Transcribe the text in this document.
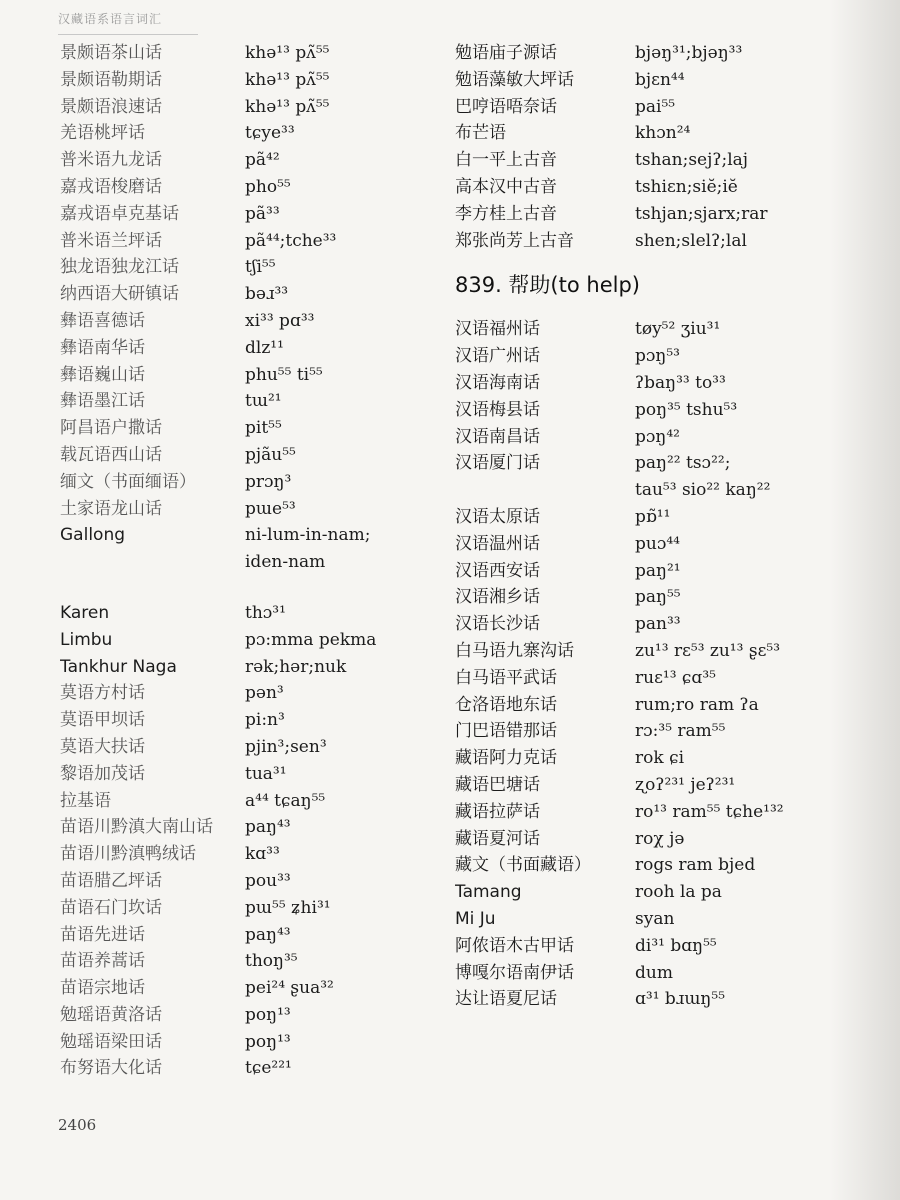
汉藏语系语言词汇
景颇语茶山话	khə¹³ pʌ̃⁵⁵
景颇语勒期话	khə¹³ pʌ̃⁵⁵
景颇语浪速话	khə¹³ pʌ̃⁵⁵
羌语桃坪话	tɕye³³
普米语九龙话	pã⁴²
嘉戎语梭磨话	pho⁵⁵
嘉戎语卓克基话	pã³³
普米语兰坪话	pã⁴⁴;tche³³
独龙语独龙江话	tʃi⁵⁵
纳西语大研镇话	bəɹ³³
彝语喜德话	xi³³ pɑ³³
彝语南华话	dlz¹¹
彝语巍山话	phu⁵⁵ ti⁵⁵
彝语墨江话	tɯ²¹
阿昌语户撒话	pit⁵⁵
载瓦语西山话	pjãu⁵⁵
缅文（书面缅语）	prɔŋ³
土家语龙山话	pɯe⁵³
Gallong	ni-lum-in-nam;
iden-nam
Karen	thɔ³¹
Limbu	pɔ:mma pekma
Tankhur Naga	rək;hər;nuk
莫语方村话	pən³
莫语甲坝话	pi:n³
莫语大扶话	pjin³;sen³
黎语加茂话	tua³¹
拉基语	a⁴⁴ tɕaŋ⁵⁵
苗语川黔滇大南山话	paŋ⁴³
苗语川黔滇鸭绒话	kɑ³³
苗语腊乙坪话	pou³³
苗语石门坎话	pɯ⁵⁵ ʑhi³¹
苗语先进话	paŋ⁴³
苗语养蒿话	thoŋ³⁵
苗语宗地话	pei²⁴ ʂua³²
勉瑶语黄洛话	poŋ¹³
勉瑶语梁田话	poŋ¹³
布努语大化话	tɕe²²¹
勉语庙子源话	bjəŋ³¹;bjəŋ³³
勉语藻敏大坪话	bjɛn⁴⁴
巴哼语唔奈话	pai⁵⁵
布芒语	khɔn²⁴
白一平上古音	tshan;sejʔ;laj
高本汉中古音	tshiɛn;siĕ;iĕ
李方桂上古音	tshjan;sjarx;rar
郑张尚芳上古音	shen;slelʔ;lal
839. 帮助(to help)
汉语福州话	tøy⁵² ʒiu³¹
汉语广州话	pɔŋ⁵³
汉语海南话	ʔbaŋ³³ to³³
汉语梅县话	poŋ³⁵ tshu⁵³
汉语南昌话	pɔŋ⁴²
汉语厦门话	paŋ²² tsɔ²²;
tau⁵³ sio²² kaŋ²²
汉语太原话	pɒ̃¹¹
汉语温州话	puɔ⁴⁴
汉语西安话	paŋ²¹
汉语湘乡话	paŋ⁵⁵
汉语长沙话	pan³³
白马语九寨沟话	zu¹³ rɛ⁵³ zu¹³ ʂɛ⁵³
白马语平武话	ruɛ¹³ ɕɑ³⁵
仓洛语地东话	rum;ro ram ʔa
门巴语错那话	rɔ:³⁵ ram⁵⁵
藏语阿力克话	rok ɕi
藏语巴塘话	ʐoʔ²³¹ jeʔ²³¹
藏语拉萨话	ro¹³ ram⁵⁵ tɕhe¹³²
藏语夏河话	roχ jə
藏文（书面藏语）	rogs ram bjed
Tamang	rooh la pa
Mi Ju	syan
阿侬语木古甲话	di³¹ bɑŋ⁵⁵
博嘎尔语南伊话	dum
达让语夏尼话	ɑ³¹ bɹɯŋ⁵⁵
2406
